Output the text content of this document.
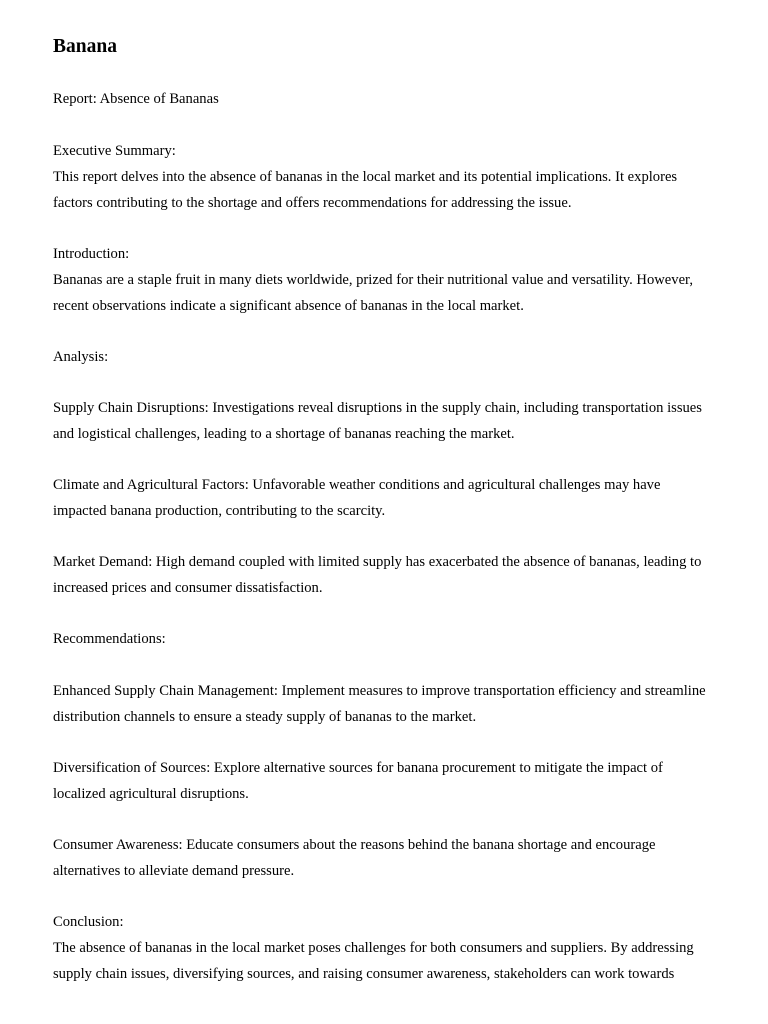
Banana

Report: Absence of Bananas

Executive Summary:
This report delves into the absence of bananas in the local market and its potential implications. It explores
factors contributing to the shortage and offers recommendations for addressing the issue.

Introduction:
Bananas are a staple fruit in many diets worldwide, prized for their nutritional value and versatility. However,
recent observations indicate a significant absence of bananas in the local market.

Analysis:

Supply Chain Disruptions: Investigations reveal disruptions in the supply chain, including transportation issues
and logistical challenges, leading to a shortage of bananas reaching the market.

Climate and Agricultural Factors: Unfavorable weather conditions and agricultural challenges may have
impacted banana production, contributing to the scarcity.

Market Demand: High demand coupled with limited supply has exacerbated the absence of bananas, leading to
increased prices and consumer dissatisfaction.

Recommendations:

Enhanced Supply Chain Management: Implement measures to improve transportation efficiency and streamline
distribution channels to ensure a steady supply of bananas to the market.

Diversification of Sources: Explore alternative sources for banana procurement to mitigate the impact of
localized agricultural disruptions.

Consumer Awareness: Educate consumers about the reasons behind the banana shortage and encourage
alternatives to alleviate demand pressure.

Conclusion:
The absence of bananas in the local market poses challenges for both consumers and suppliers. By addressing
supply chain issues, diversifying sources, and raising consumer awareness, stakeholders can work towards
